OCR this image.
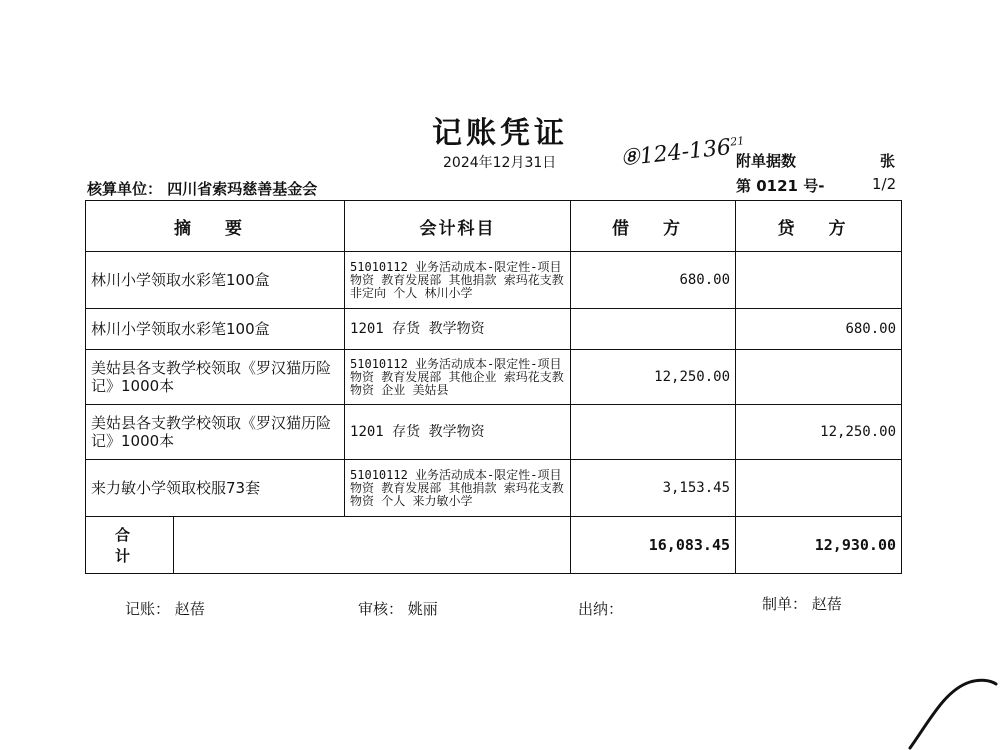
记账凭证
2024年12月31日	$⑧124-136^{21}$
附单据数	张
核算单位： 四川省索玛慈善基金会	第 0121 号-	1/2
摘 要		会计科目	借 方	贷 方
林川小学领取水彩笔100盒		51010112 业务活动成本-限定性-项目物资 教育发展部 其他捐款 索玛花支教 非定向 个人 林川小学	680.00	
林川小学领取水彩笔100盒		1201 存货 教学物资		680.00
美姑县各支教学校领取《罗汉猫历险记》1000本		51010112 业务活动成本-限定性-项目物资 教育发展部 其他企业 索玛花支教 物资 企业 美姑县	12,250.00	
美姑县各支教学校领取《罗汉猫历险记》1000本		1201 存货 教学物资		12,250.00
来力敏小学领取校服73套		51010112 业务活动成本-限定性-项目物资 教育发展部 其他捐款 索玛花支教 物资 个人 来力敏小学	3,153.45	
合 计			16,083.45	12,930.00
记账： 赵蓓	审核： 姚丽	出纳：	制单： 赵蓓
